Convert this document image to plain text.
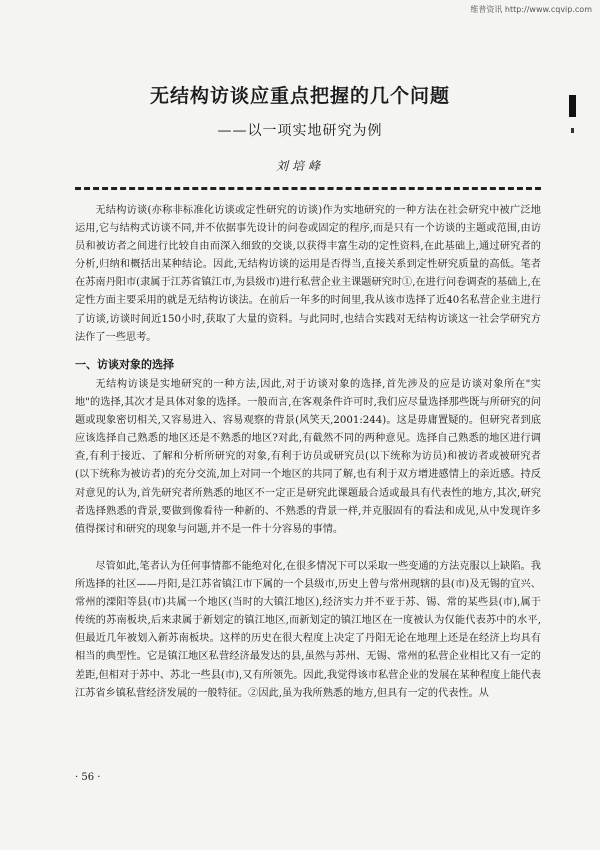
维普资讯 http://www.cqvip.com
无结构访谈应重点把握的几个问题
——以一项实地研究为例
刘培峰

无结构访谈(亦称非标准化访谈或定性研究的访谈)作为实地研究的一种方法在社会研究中被广泛地运用,它与结构式访谈不同,并不依据事先设计的问卷或固定的程序,而是只有一个访谈的主题或范围,由访员和被访者之间进行比较自由而深入细致的交谈,以获得丰富生动的定性资料,在此基础上,通过研究者的分析,归纳和概括出某种结论。因此,无结构访谈的运用是否得当,直接关系到定性研究质量的高低。笔者在苏南丹阳市(隶属于江苏省镇江市,为县级市)进行私营企业主课题研究时①,在进行问卷调查的基础上,在定性方面主要采用的就是无结构访谈法。在前后一年多的时间里,我从该市选择了近40名私营企业主进行了访谈,访谈时间近150小时,获取了大量的资料。与此同时,也结合实践对无结构访谈这一社会学研究方法作了一些思考。

一、访谈对象的选择

无结构访谈是实地研究的一种方法,因此,对于访谈对象的选择,首先涉及的应是访谈对象所在"实地"的选择,其次才是具体对象的选择。一般而言,在客观条件许可时,我们应尽量选择那些既与所研究的问题或现象密切相关,又容易进入、容易观察的背景(风笑天,2001:244)。这是毋庸置疑的。但研究者到底应该选择自己熟悉的地区还是不熟悉的地区?对此,有截然不同的两种意见。选择自己熟悉的地区进行调查,有利于接近、了解和分析所研究的对象,有利于访员或研究员(以下统称为访员)和被访者或被研究者(以下统称为被访者)的充分交流,加上对同一个地区的共同了解,也有利于双方增进感情上的亲近感。持反对意见的认为,首先研究者所熟悉的地区不一定正是研究此课题最合适或最具有代表性的地方,其次,研究者选择熟悉的背景,要做到像看待一种新的、不熟悉的背景一样,并克服固有的看法和成见,从中发现许多值得探讨和研究的现象与问题,并不是一件十分容易的事情。

尽管如此,笔者认为任何事情都不能绝对化,在很多情况下可以采取一些变通的方法克服以上缺陷。我所选择的社区——丹阳,是江苏省镇江市下属的一个县级市,历史上曾与常州现辖的县(市)及无锡的宜兴、常州的溧阳等县(市)共属一个地区(当时的大镇江地区),经济实力并不亚于苏、锡、常的某些县(市),属于传统的苏南板块,后来隶属于新划定的镇江地区,而新划定的镇江地区在一度被认为仅能代表苏中的水平,但最近几年被划入新苏南板块。这样的历史在很大程度上决定了丹阳无论在地理上还是在经济上均具有相当的典型性。它是镇江地区私营经济最发达的县,虽然与苏州、无锡、常州的私营企业相比又有一定的差距,但相对于苏中、苏北一些县(市),又有所领先。因此,我觉得该市私营企业的发展在某种程度上能代表江苏省乡镇私营经济发展的一般特征。②因此,虽为我所熟悉的地方,但具有一定的代表性。从

· 56 ·
